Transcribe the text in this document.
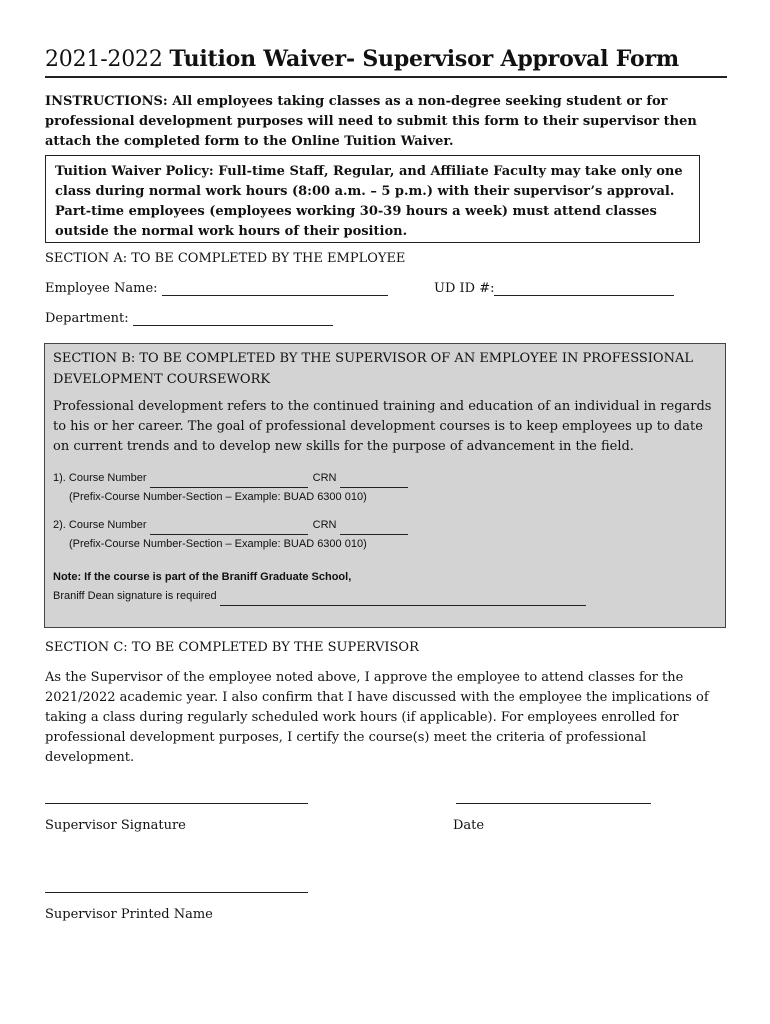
2021-2022 Tuition Waiver- Supervisor Approval Form
INSTRUCTIONS: All employees taking classes as a non-degree seeking student or for professional development purposes will need to submit this form to their supervisor then attach the completed form to the Online Tuition Waiver.
Tuition Waiver Policy: Full-time Staff, Regular, and Affiliate Faculty may take only one class during normal work hours (8:00 a.m. – 5 p.m.) with their supervisor’s approval. Part-time employees (employees working 30-39 hours a week) must attend classes outside the normal work hours of their position.
SECTION A: TO BE COMPLETED BY THE EMPLOYEE
Employee Name:	UD ID #:
Department:
SECTION B: TO BE COMPLETED BY THE SUPERVISOR OF AN EMPLOYEE IN PROFESSIONAL DEVELOPMENT COURSEWORK
Professional development refers to the continued training and education of an individual in regards to his or her career. The goal of professional development courses is to keep employees up to date on current trends and to develop new skills for the purpose of advancement in the field.
1). Course Number	CRN
(Prefix-Course Number-Section – Example: BUAD 6300 010)
2). Course Number	CRN
(Prefix-Course Number-Section – Example: BUAD 6300 010)
Note: If the course is part of the Braniff Graduate School,
Braniff Dean signature is required
SECTION C: TO BE COMPLETED BY THE SUPERVISOR
As the Supervisor of the employee noted above, I approve the employee to attend classes for the 2021/2022 academic year. I also confirm that I have discussed with the employee the implications of taking a class during regularly scheduled work hours (if applicable). For employees enrolled for professional development purposes, I certify the course(s) meet the criteria of professional development.
Supervisor Signature	Date
Supervisor Printed Name
